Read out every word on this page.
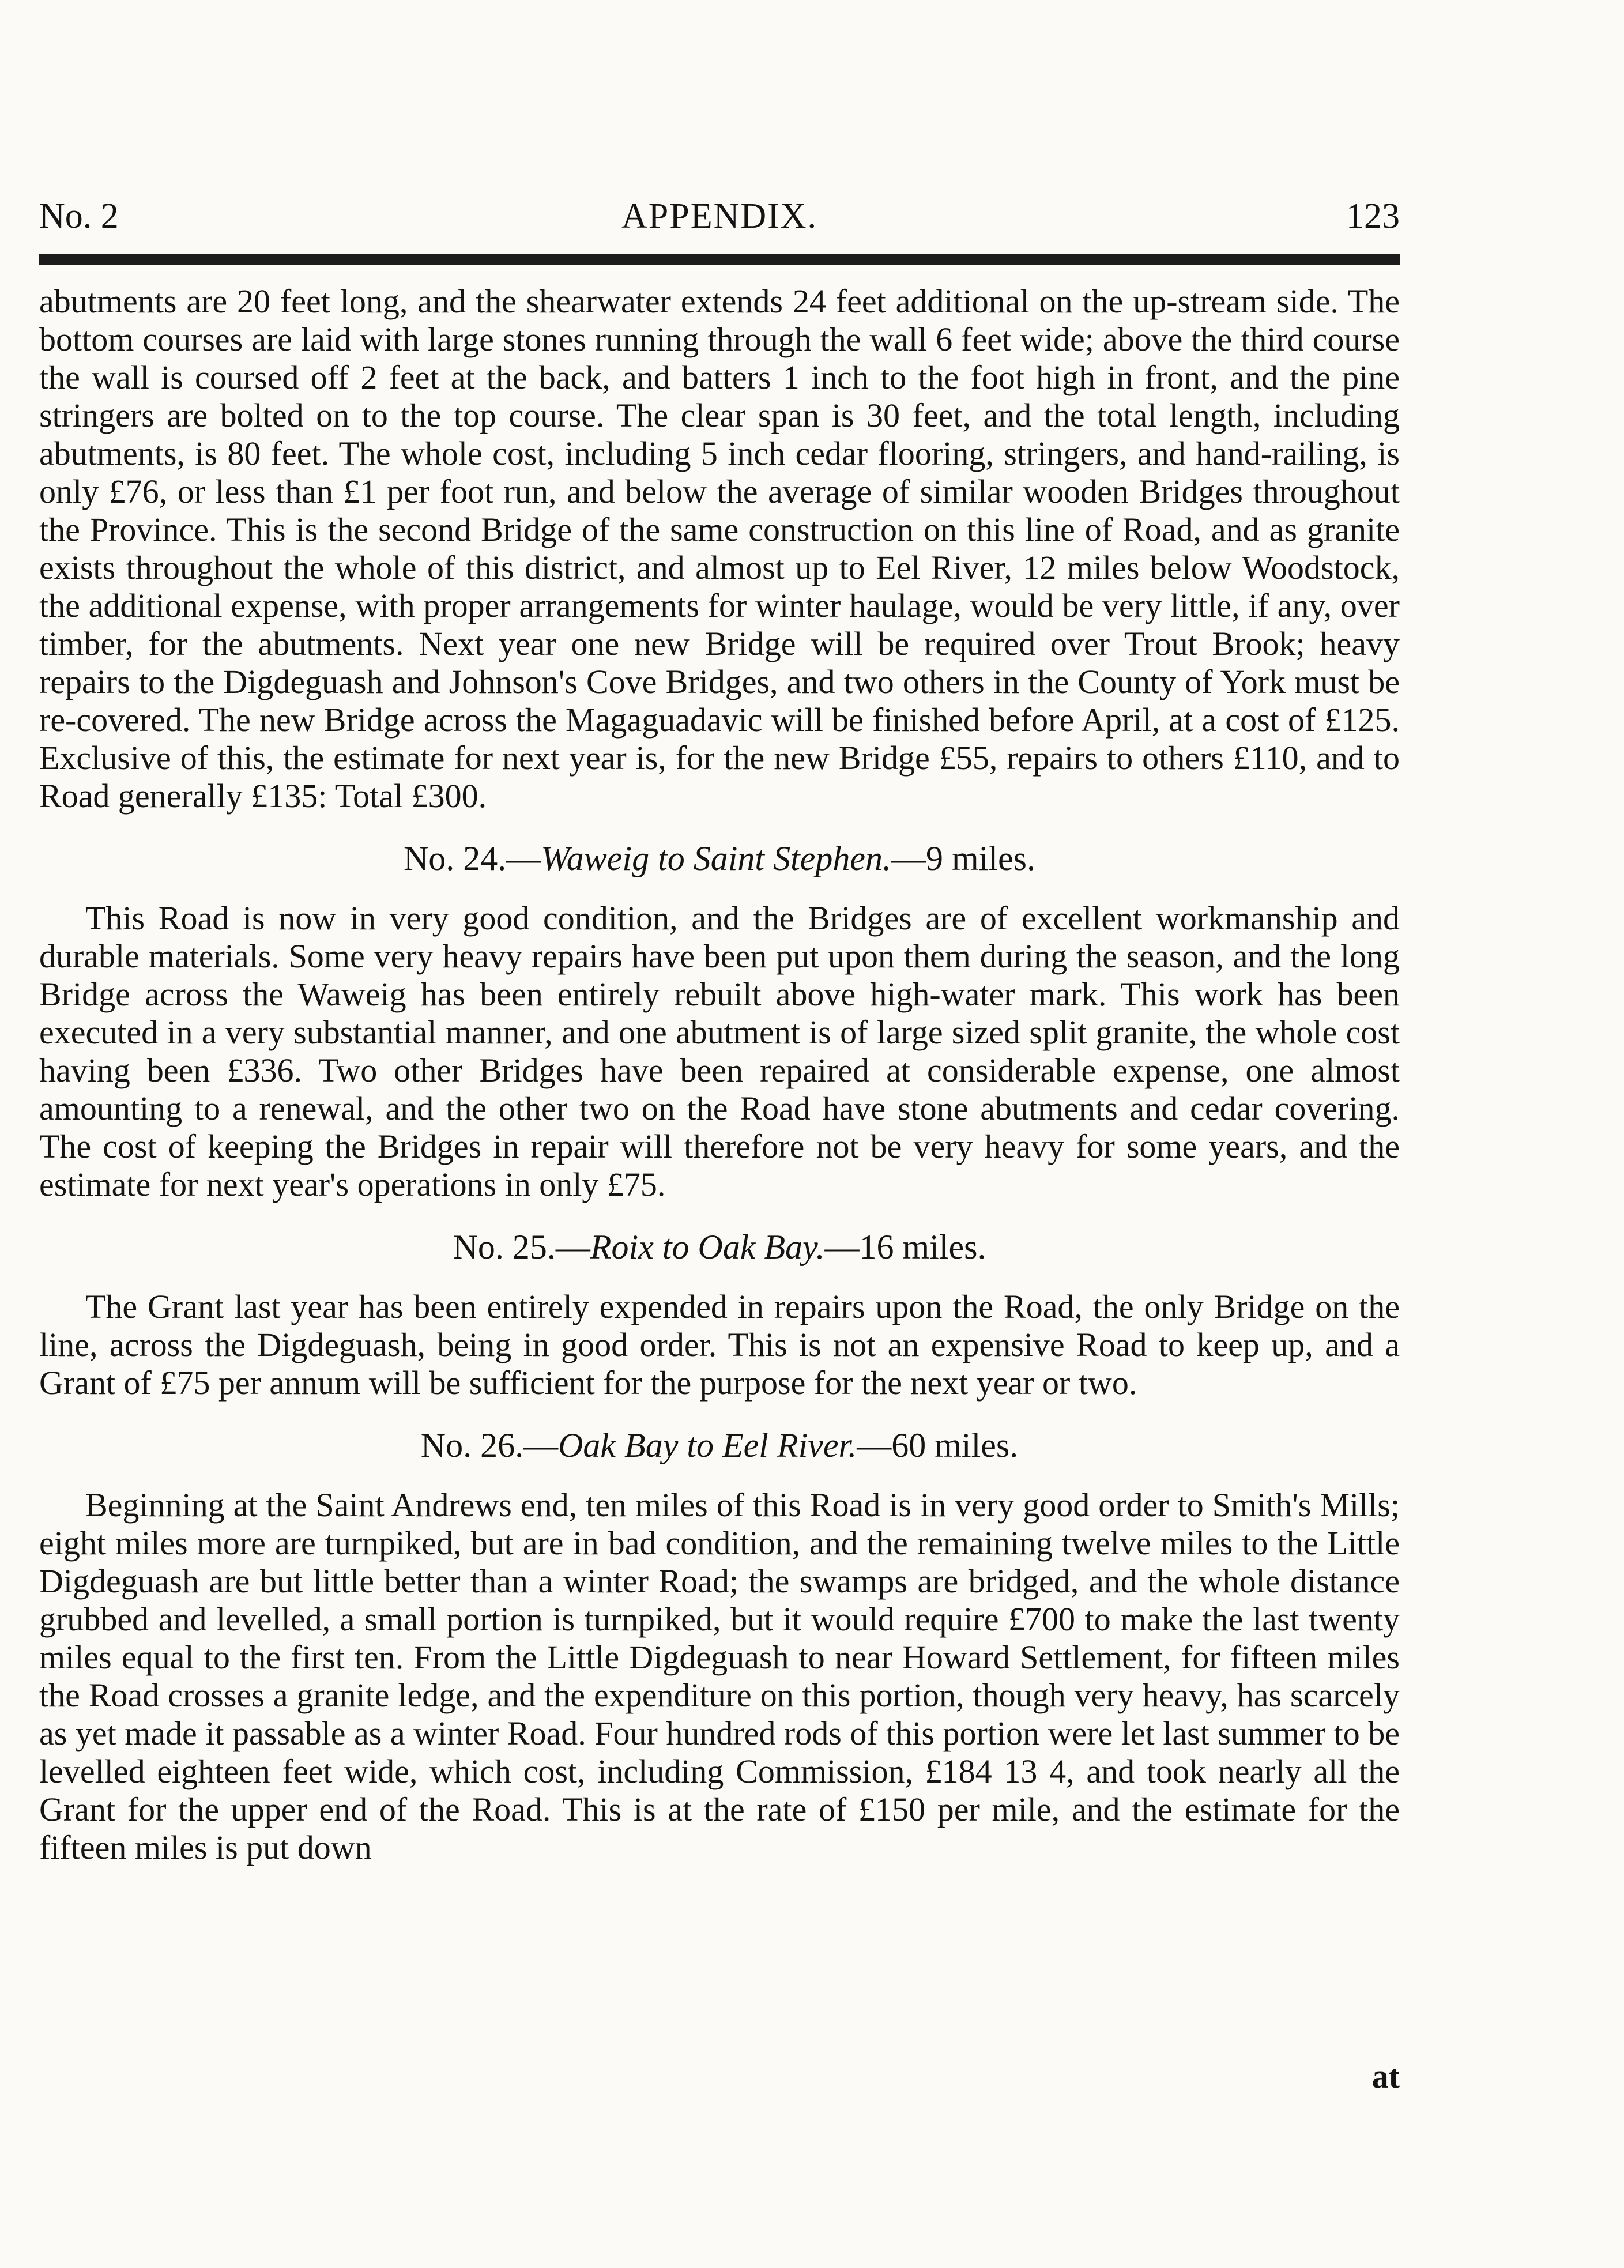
No. 2	APPENDIX.	123

abutments are 20 feet long, and the shearwater extends 24 feet additional on the up-stream side. The bottom courses are laid with large stones running through the wall 6 feet wide; above the third course the wall is coursed off 2 feet at the back, and batters 1 inch to the foot high in front, and the pine stringers are bolted on to the top course. The clear span is 30 feet, and the total length, including abutments, is 80 feet. The whole cost, including 5 inch cedar flooring, stringers, and hand-railing, is only £76, or less than £1 per foot run, and below the average of similar wooden Bridges throughout the Province. This is the second Bridge of the same construction on this line of Road, and as granite exists throughout the whole of this district, and almost up to Eel River, 12 miles below Woodstock, the additional expense, with proper arrangements for winter haulage, would be very little, if any, over timber, for the abutments. Next year one new Bridge will be required over Trout Brook; heavy repairs to the Digdeguash and Johnson's Cove Bridges, and two others in the County of York must be re-covered. The new Bridge across the Magaguadavic will be finished before April, at a cost of £125. Exclusive of this, the estimate for next year is, for the new Bridge £55, repairs to others £110, and to Road generally £135: Total £300.

No. 24.—Waweig to Saint Stephen.—9 miles.

This Road is now in very good condition, and the Bridges are of excellent workmanship and durable materials. Some very heavy repairs have been put upon them during the season, and the long Bridge across the Waweig has been entirely rebuilt above high-water mark. This work has been executed in a very substantial manner, and one abutment is of large sized split granite, the whole cost having been £336. Two other Bridges have been repaired at considerable expense, one almost amounting to a renewal, and the other two on the Road have stone abutments and cedar covering. The cost of keeping the Bridges in repair will therefore not be very heavy for some years, and the estimate for next year's operations in only £75.

No. 25.—Roix to Oak Bay.—16 miles.

The Grant last year has been entirely expended in repairs upon the Road, the only Bridge on the line, across the Digdeguash, being in good order. This is not an expensive Road to keep up, and a Grant of £75 per annum will be sufficient for the purpose for the next year or two.

No. 26.—Oak Bay to Eel River.—60 miles.

Beginning at the Saint Andrews end, ten miles of this Road is in very good order to Smith's Mills; eight miles more are turnpiked, but are in bad condition, and the remaining twelve miles to the Little Digdeguash are but little better than a winter Road; the swamps are bridged, and the whole distance grubbed and levelled, a small portion is turnpiked, but it would require £700 to make the last twenty miles equal to the first ten. From the Little Digdeguash to near Howard Settlement, for fifteen miles the Road crosses a granite ledge, and the expenditure on this portion, though very heavy, has scarcely as yet made it passable as a winter Road. Four hundred rods of this portion were let last summer to be levelled eighteen feet wide, which cost, including Commission, £184 13 4, and took nearly all the Grant for the upper end of the Road. This is at the rate of £150 per mile, and the estimate for the fifteen miles is put down

at
